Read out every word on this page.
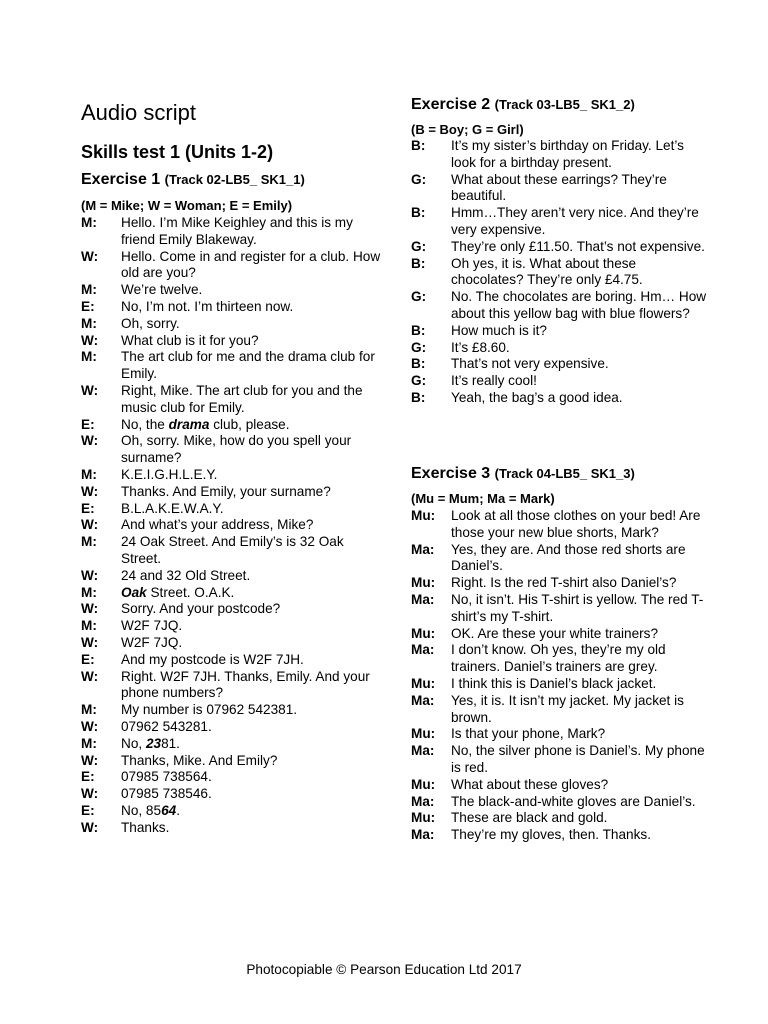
Audio script
Skills test 1 (Units 1-2)
Exercise 1 (Track 02-LB5_ SK1_1)

(M = Mike; W = Woman; E = Emily)

M:	Hello. I’m Mike Keighley and this is my friend Emily Blakeway.
W:	Hello. Come in and register for a club. How old are you?
M:	We’re twelve.
E:	No, I’m not. I’m thirteen now.
M:	Oh, sorry.
W:	What club is it for you?
M:	The art club for me and the drama club for Emily.
W:	Right, Mike. The art club for you and the music club for Emily.
E:	No, the drama club, please.
W:	Oh, sorry. Mike, how do you spell your surname?
M:	K.E.I.G.H.L.E.Y.
W:	Thanks. And Emily, your surname?
E:	B.L.A.K.E.W.A.Y.
W:	And what’s your address, Mike?
M:	24 Oak Street. And Emily’s is 32 Oak Street.
W:	24 and 32 Old Street.
M:	Oak Street. O.A.K.
W:	Sorry. And your postcode?
M:	W2F 7JQ.
W:	W2F 7JQ.
E:	And my postcode is W2F 7JH.
W:	Right. W2F 7JH. Thanks, Emily. And your phone numbers?
M:	My number is 07962 542381.
W:	07962 543281.
M:	No, 2381.
W:	Thanks, Mike. And Emily?
E:	07985 738564.
W:	07985 738546.
E:	No, 8564.
W:	Thanks.
Exercise 2 (Track 03-LB5_ SK1_2)

(B = Boy; G = Girl)

B:	It’s my sister’s birthday on Friday. Let’s look for a birthday present.
G:	What about these earrings? They’re beautiful.
B:	Hmm…They aren’t very nice. And they’re very expensive.
G:	They’re only £11.50. That’s not expensive.
B:	Oh yes, it is. What about these chocolates? They’re only £4.75.
G:	No. The chocolates are boring. Hm… How about this yellow bag with blue flowers?
B:	How much is it?
G:	It’s £8.60.
B:	That’s not very expensive.
G:	It’s really cool!
B:	Yeah, the bag’s a good idea.
Exercise 3 (Track 04-LB5_ SK1_3)

(Mu = Mum; Ma = Mark)

Mu:	Look at all those clothes on your bed! Are those your new blue shorts, Mark?
Ma:	Yes, they are. And those red shorts are Daniel’s.
Mu:	Right. Is the red T-shirt also Daniel’s?
Ma:	No, it isn’t. His T-shirt is yellow. The red T-shirt’s my T-shirt.
Mu:	OK. Are these your white trainers?
Ma:	I don’t know. Oh yes, they’re my old trainers. Daniel’s trainers are grey.
Mu:	I think this is Daniel’s black jacket.
Ma:	Yes, it is. It isn’t my jacket. My jacket is brown.
Mu:	Is that your phone, Mark?
Ma:	No, the silver phone is Daniel’s. My phone is red.
Mu:	What about these gloves?
Ma:	The black-and-white gloves are Daniel’s.
Mu:	These are black and gold.
Ma:	They’re my gloves, then. Thanks.
Photocopiable © Pearson Education Ltd 2017
